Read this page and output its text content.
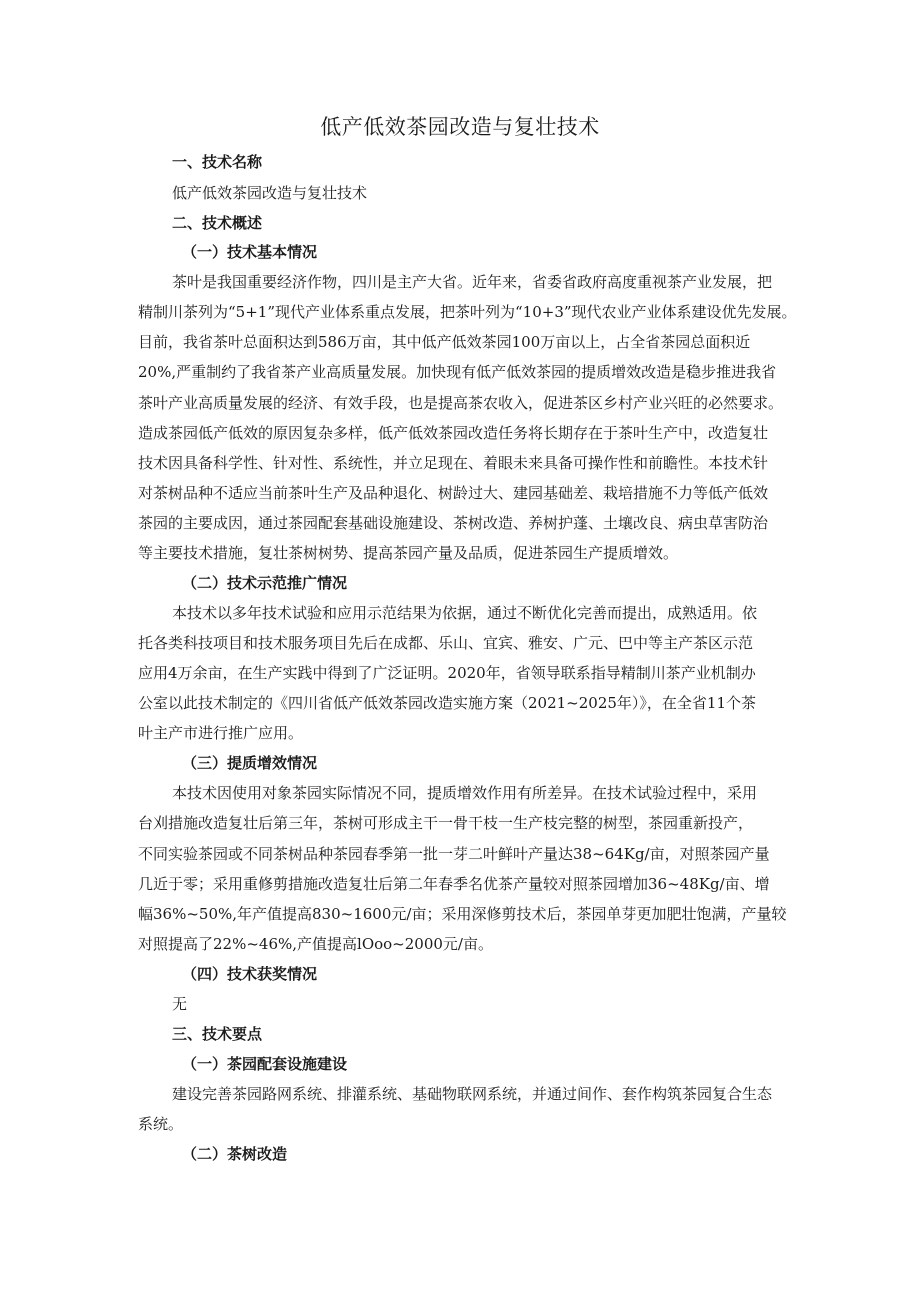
低产低效茶园改造与复壮技术
一、技术名称
低产低效茶园改造与复壮技术
二、技术概述
（一）技术基本情况
茶叶是我国重要经济作物，四川是主产大省。近年来，省委省政府高度重视茶产业发展，把
精制川茶列为“5+1”现代产业体系重点发展，把茶叶列为“10+3”现代农业产业体系建设优先发展。
目前，我省茶叶总面积达到586万亩，其中低产低效茶园100万亩以上，占全省茶园总面积近
20%,严重制约了我省茶产业高质量发展。加快现有低产低效茶园的提质增效改造是稳步推进我省
茶叶产业高质量发展的经济、有效手段，也是提高茶农收入，促进茶区乡村产业兴旺的必然要求。
造成茶园低产低效的原因复杂多样，低产低效茶园改造任务将长期存在于茶叶生产中，改造复壮
技术因具备科学性、针对性、系统性，并立足现在、着眼未来具备可操作性和前瞻性。本技术针
对茶树品种不适应当前茶叶生产及品种退化、树龄过大、建园基础差、栽培措施不力等低产低效
茶园的主要成因，通过茶园配套基础设施建设、茶树改造、养树护蓬、土壤改良、病虫草害防治
等主要技术措施，复壮茶树树势、提高茶园产量及品质，促进茶园生产提质增效。
（二）技术示范推广情况
本技术以多年技术试验和应用示范结果为依据，通过不断优化完善而提出，成熟适用。依
托各类科技项目和技术服务项目先后在成都、乐山、宜宾、雅安、广元、巴中等主产茶区示范
应用4万余亩，在生产实践中得到了广泛证明。2020年，省领导联系指导精制川茶产业机制办
公室以此技术制定的《四川省低产低效茶园改造实施方案（2021~2025年）》，在全省11个茶
叶主产市进行推广应用。
（三）提质增效情况
本技术因使用对象茶园实际情况不同，提质增效作用有所差异。在技术试验过程中，采用
台刈措施改造复壮后第三年，茶树可形成主干一骨干枝一生产枝完整的树型，茶园重新投产，
不同实验茶园或不同茶树品种茶园春季第一批一芽二叶鲜叶产量达38~64Kg/亩，对照茶园产量
几近于零；采用重修剪措施改造复壮后第二年春季名优茶产量较对照茶园增加36~48Kg/亩、增
幅36%~50%,年产值提高830~1600元/亩；采用深修剪技术后，茶园单芽更加肥壮饱满，产量较
对照提高了22%~46%,产值提高lOoo~2000元/亩。
（四）技术获奖情况
无
三、技术要点
（一）茶园配套设施建设
建设完善茶园路网系统、排灌系统、基础物联网系统，并通过间作、套作构筑茶园复合生态
系统。
（二）茶树改造
